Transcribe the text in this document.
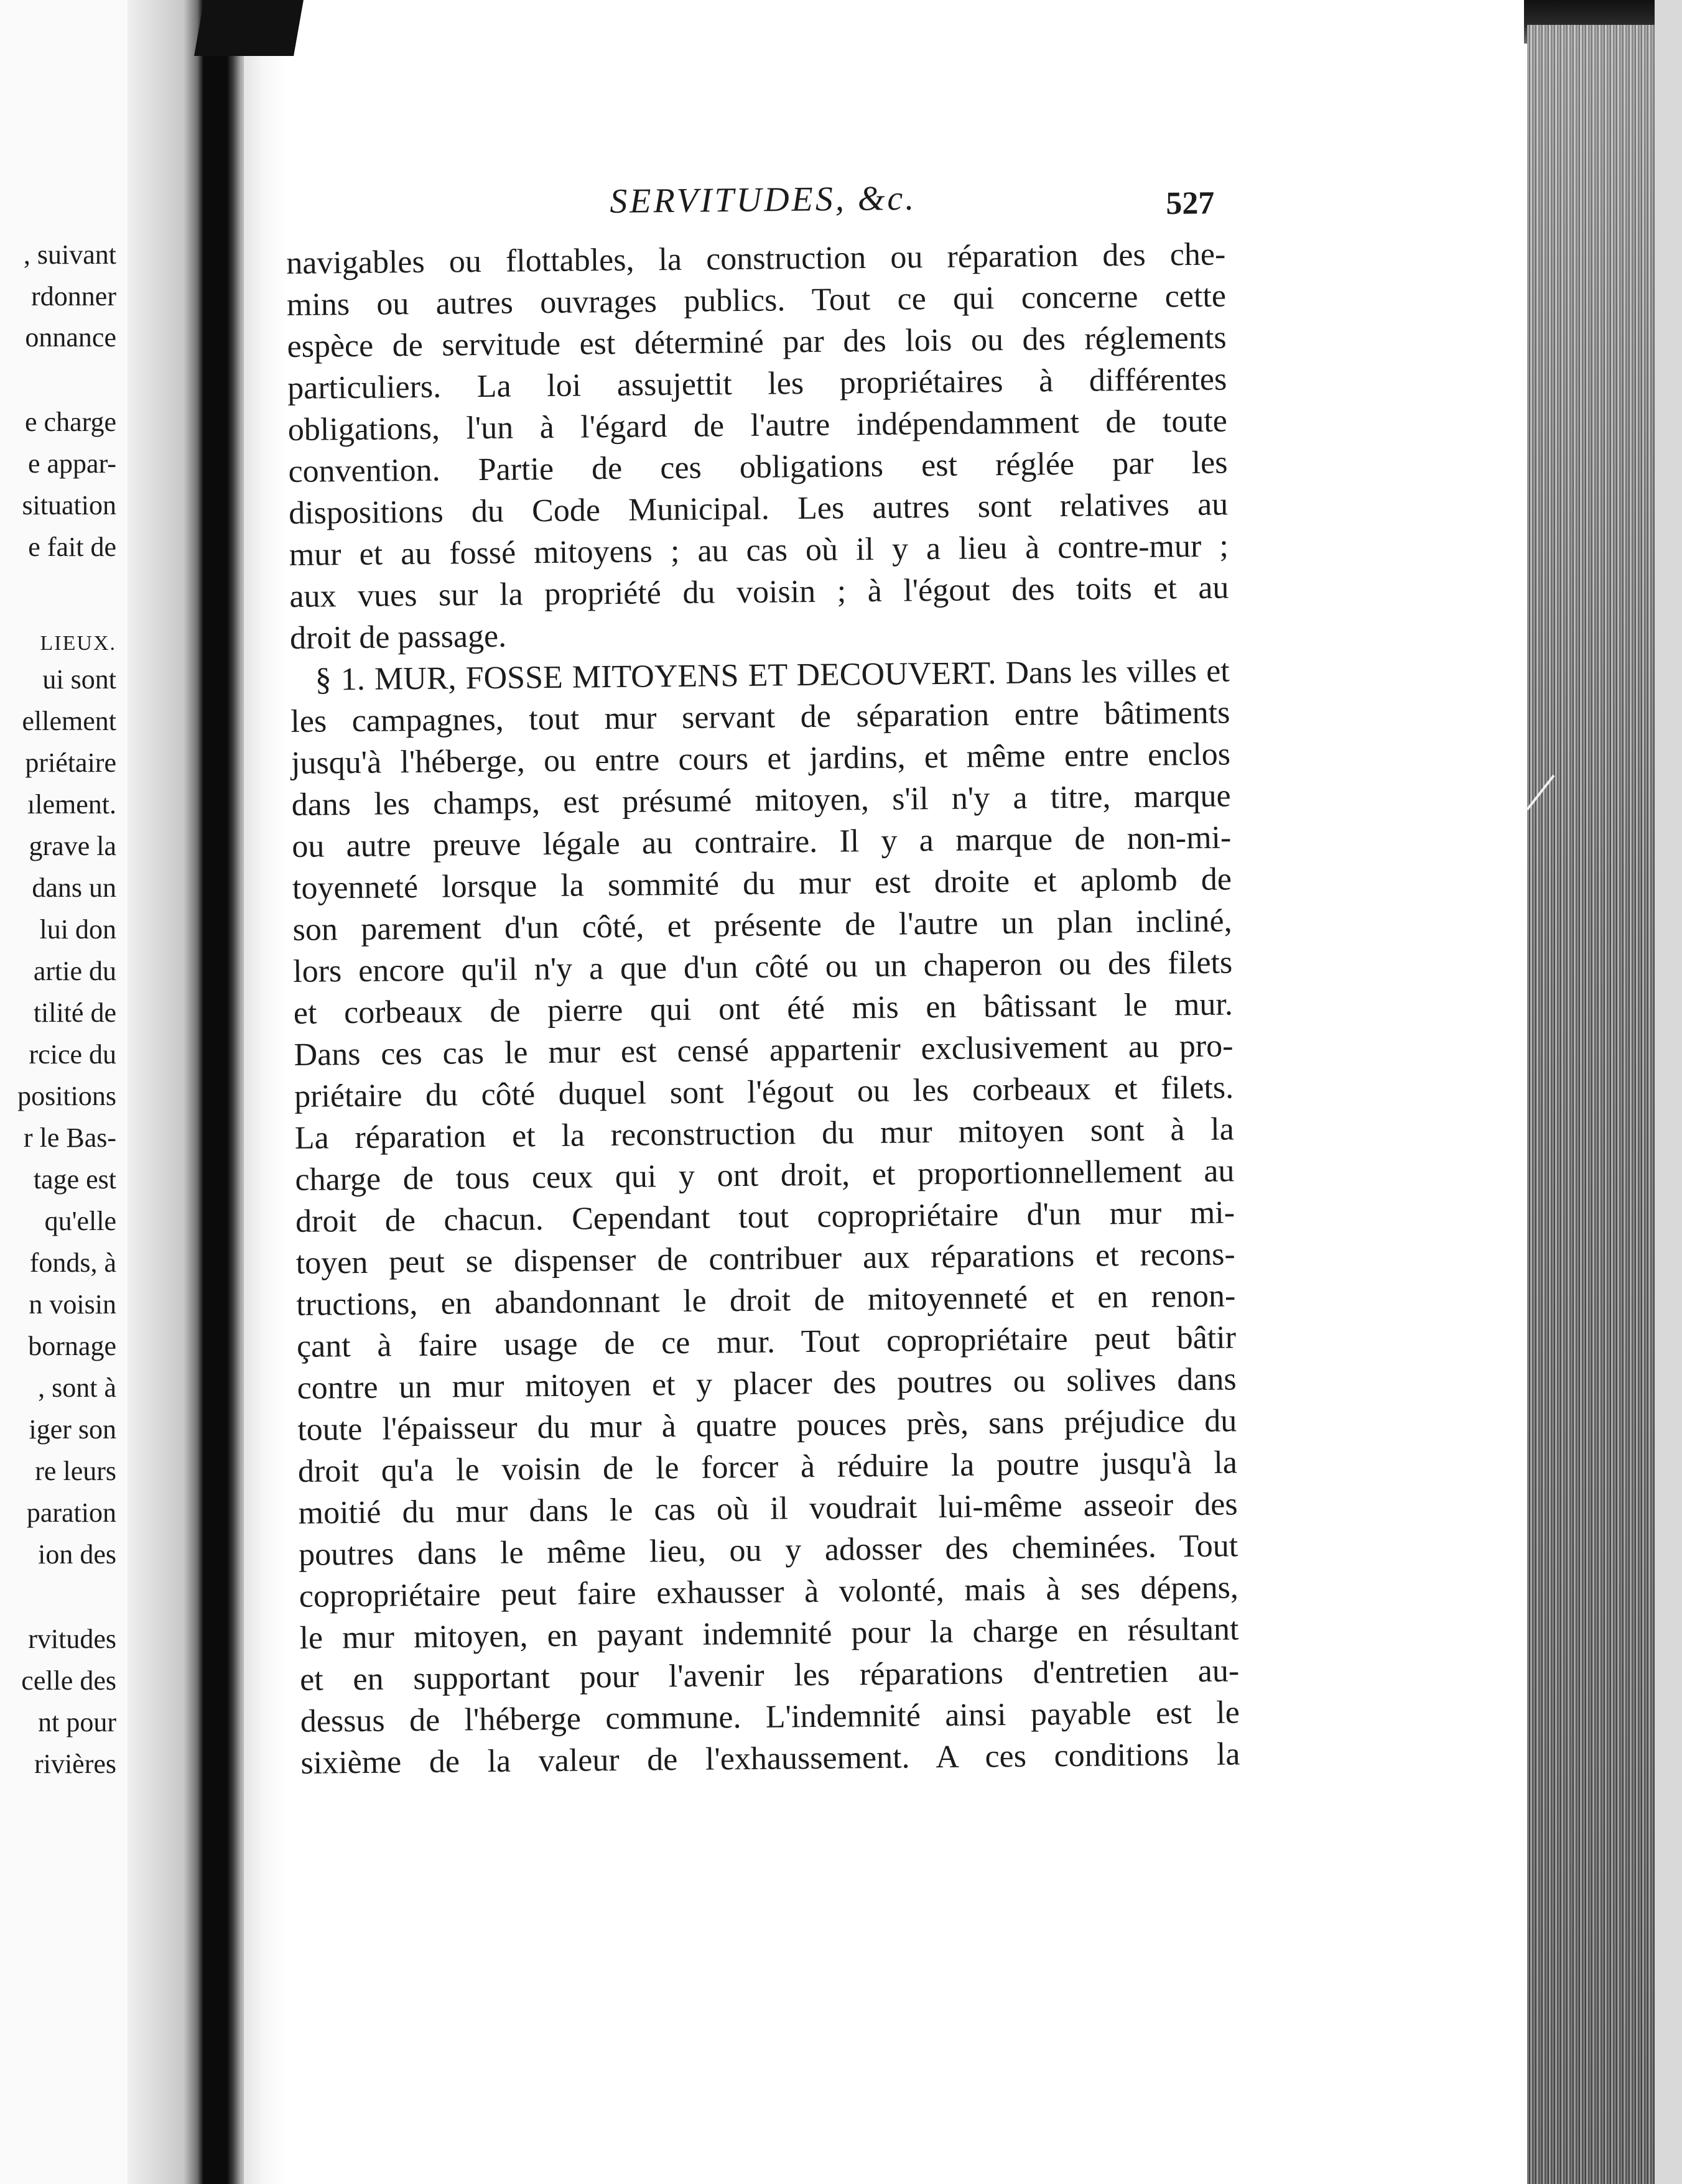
, suivant
rdonner
onnance
e charge
e appar-
situation
e fait de
LIEUX.
ui sont
ellement
priétaire
ılement.
grave la
dans un
lui don
artie du
tilité de
rcice du
positions
r le Bas-
tage est
qu'elle
fonds, à
n voisin
bornage
, sont à
iger son
re leurs
paration
ion des
rvitudes
celle des
nt pour
rivières
SERVITUDES, &c.	527
navigables ou flottables, la construction ou réparation des che-
mins ou autres ouvrages publics. Tout ce qui concerne cette
espèce de servitude est déterminé par des lois ou des réglements
particuliers. La loi assujettit les propriétaires à différentes
obligations, l'un à l'égard de l'autre indépendamment de toute
convention. Partie de ces obligations est réglée par les
dispositions du Code Municipal. Les autres sont relatives au
mur et au fossé mitoyens ; au cas où il y a lieu à contre-mur ;
aux vues sur la propriété du voisin ; à l'égout des toits et au
droit de passage.
§ 1. MUR, FOSSE MITOYENS ET DECOUVERT. Dans les villes et
les campagnes, tout mur servant de séparation entre bâtiments
jusqu'à l'héberge, ou entre cours et jardins, et même entre enclos
dans les champs, est présumé mitoyen, s'il n'y a titre, marque
ou autre preuve légale au contraire. Il y a marque de non-mi-
toyenneté lorsque la sommité du mur est droite et aplomb de
son parement d'un côté, et présente de l'autre un plan incliné,
lors encore qu'il n'y a que d'un côté ou un chaperon ou des filets
et corbeaux de pierre qui ont été mis en bâtissant le mur.
Dans ces cas le mur est censé appartenir exclusivement au pro-
priétaire du côté duquel sont l'égout ou les corbeaux et filets.
La réparation et la reconstruction du mur mitoyen sont à la
charge de tous ceux qui y ont droit, et proportionnellement au
droit de chacun. Cependant tout copropriétaire d'un mur mi-
toyen peut se dispenser de contribuer aux réparations et recons-
tructions, en abandonnant le droit de mitoyenneté et en renon-
çant à faire usage de ce mur. Tout copropriétaire peut bâtir
contre un mur mitoyen et y placer des poutres ou solives dans
toute l'épaisseur du mur à quatre pouces près, sans préjudice du
droit qu'a le voisin de le forcer à réduire la poutre jusqu'à la
moitié du mur dans le cas où il voudrait lui-même asseoir des
poutres dans le même lieu, ou y adosser des cheminées. Tout
copropriétaire peut faire exhausser à volonté, mais à ses dépens,
le mur mitoyen, en payant indemnité pour la charge en résultant
et en supportant pour l'avenir les réparations d'entretien au-
dessus de l'héberge commune. L'indemnité ainsi payable est le
sixième de la valeur de l'exhaussement. A ces conditions la
